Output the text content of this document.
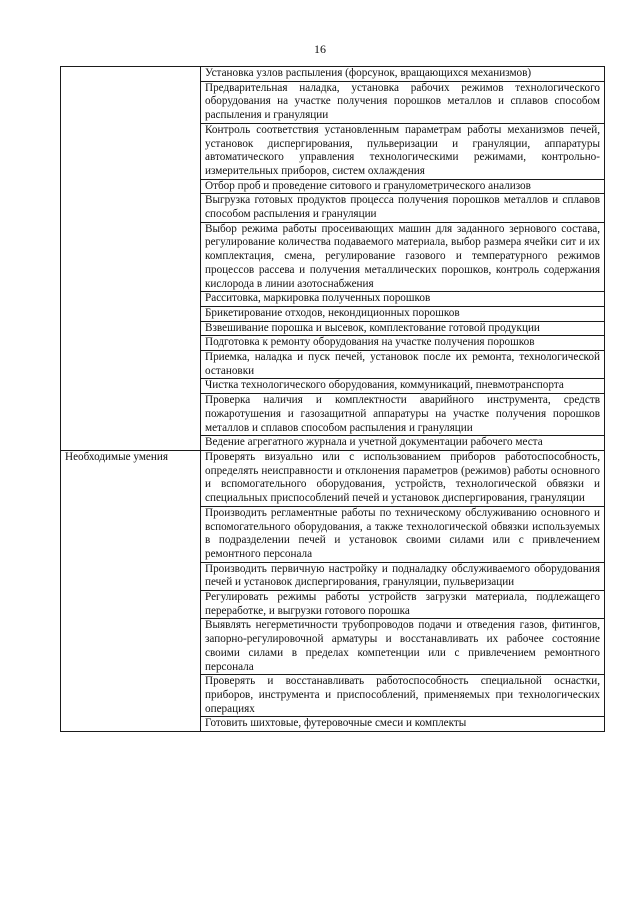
16
	Установка узлов распыления (форсунок, вращающихся механизмов)
	Предварительная наладка, установка рабочих режимов технологического оборудования на участке получения порошков металлов и сплавов способом распыления и грануляции
	Контроль соответствия установленным параметрам работы механизмов печей, установок диспергирования, пульверизации и грануляции, аппаратуры автоматического управления технологическими режимами, контрольно-измерительных приборов, систем охлаждения
	Отбор проб и проведение ситового и гранулометрического анализов
	Выгрузка готовых продуктов процесса получения порошков металлов и сплавов способом распыления и грануляции
	Выбор режима работы просеивающих машин для заданного зернового состава, регулирование количества подаваемого материала, выбор размера ячейки сит и их комплектация, смена, регулирование газового и температурного режимов процессов рассева и получения металлических порошков, контроль содержания кислорода в линии азотоснабжения
	Расситовка, маркировка полученных порошков
	Брикетирование отходов, некондиционных порошков
	Взвешивание порошка и высевок, комплектование готовой продукции
	Подготовка к ремонту оборудования на участке получения порошков
	Приемка, наладка и пуск печей, установок после их ремонта, технологической остановки
	Чистка технологического оборудования, коммуникаций, пневмотранспорта
	Проверка наличия и комплектности аварийного инструмента, средств пожаротушения и газозащитной аппаратуры на участке получения порошков металлов и сплавов способом распыления и грануляции
	Ведение агрегатного журнала и учетной документации рабочего места
Необходимые умения	Проверять визуально или с использованием приборов работоспособность, определять неисправности и отклонения параметров (режимов) работы основного и вспомогательного оборудования, устройств, технологической обвязки и специальных приспособлений печей и установок диспергирования, грануляции
	Производить регламентные работы по техническому обслуживанию основного и вспомогательного оборудования, а также технологической обвязки используемых в подразделении печей и установок своими силами или с привлечением ремонтного персонала
	Производить первичную настройку и подналадку обслуживаемого оборудования печей и установок диспергирования, грануляции, пульверизации
	Регулировать режимы работы устройств загрузки материала, подлежащего переработке, и выгрузки готового порошка
	Выявлять негерметичности трубопроводов подачи и отведения газов, фитингов, запорно-регулировочной арматуры и восстанавливать их рабочее состояние своими силами в пределах компетенции или с привлечением ремонтного персонала
	Проверять и восстанавливать работоспособность специальной оснастки, приборов, инструмента и приспособлений, применяемых при технологических операциях
	Готовить шихтовые, футеровочные смеси и комплекты
